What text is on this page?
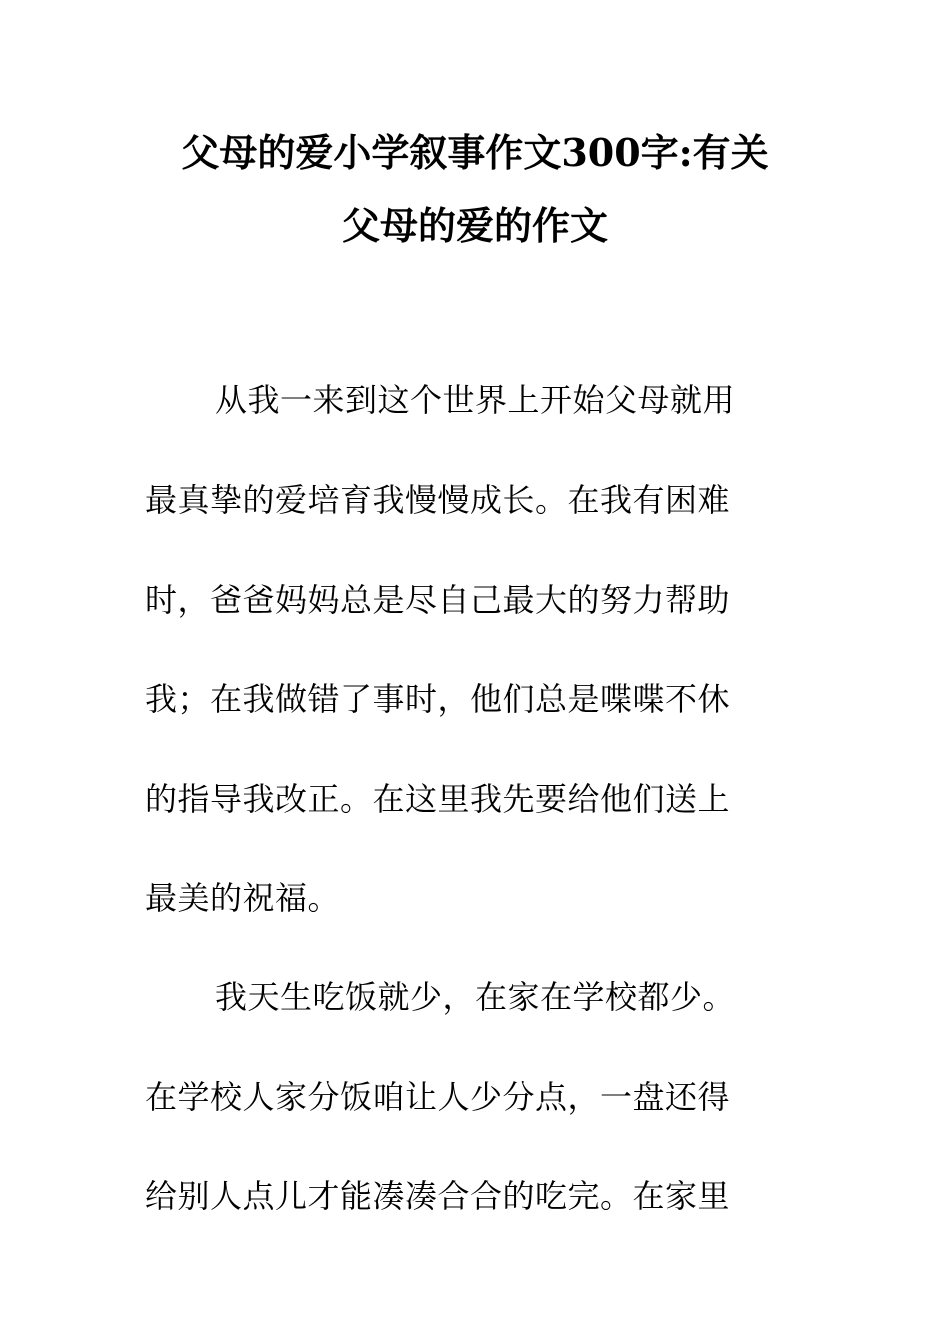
父母的爱小学叙事作文300字:有关
父母的爱的作文
从我一来到这个世界上开始父母就用
最真挚的爱培育我慢慢成长。在我有困难
时，爸爸妈妈总是尽自己最大的努力帮助
我；在我做错了事时，他们总是喋喋不休
的指导我改正。在这里我先要给他们送上
最美的祝福。
我天生吃饭就少，在家在学校都少。
在学校人家分饭咱让人少分点，一盘还得
给别人点儿才能凑凑合合的吃完。在家里
